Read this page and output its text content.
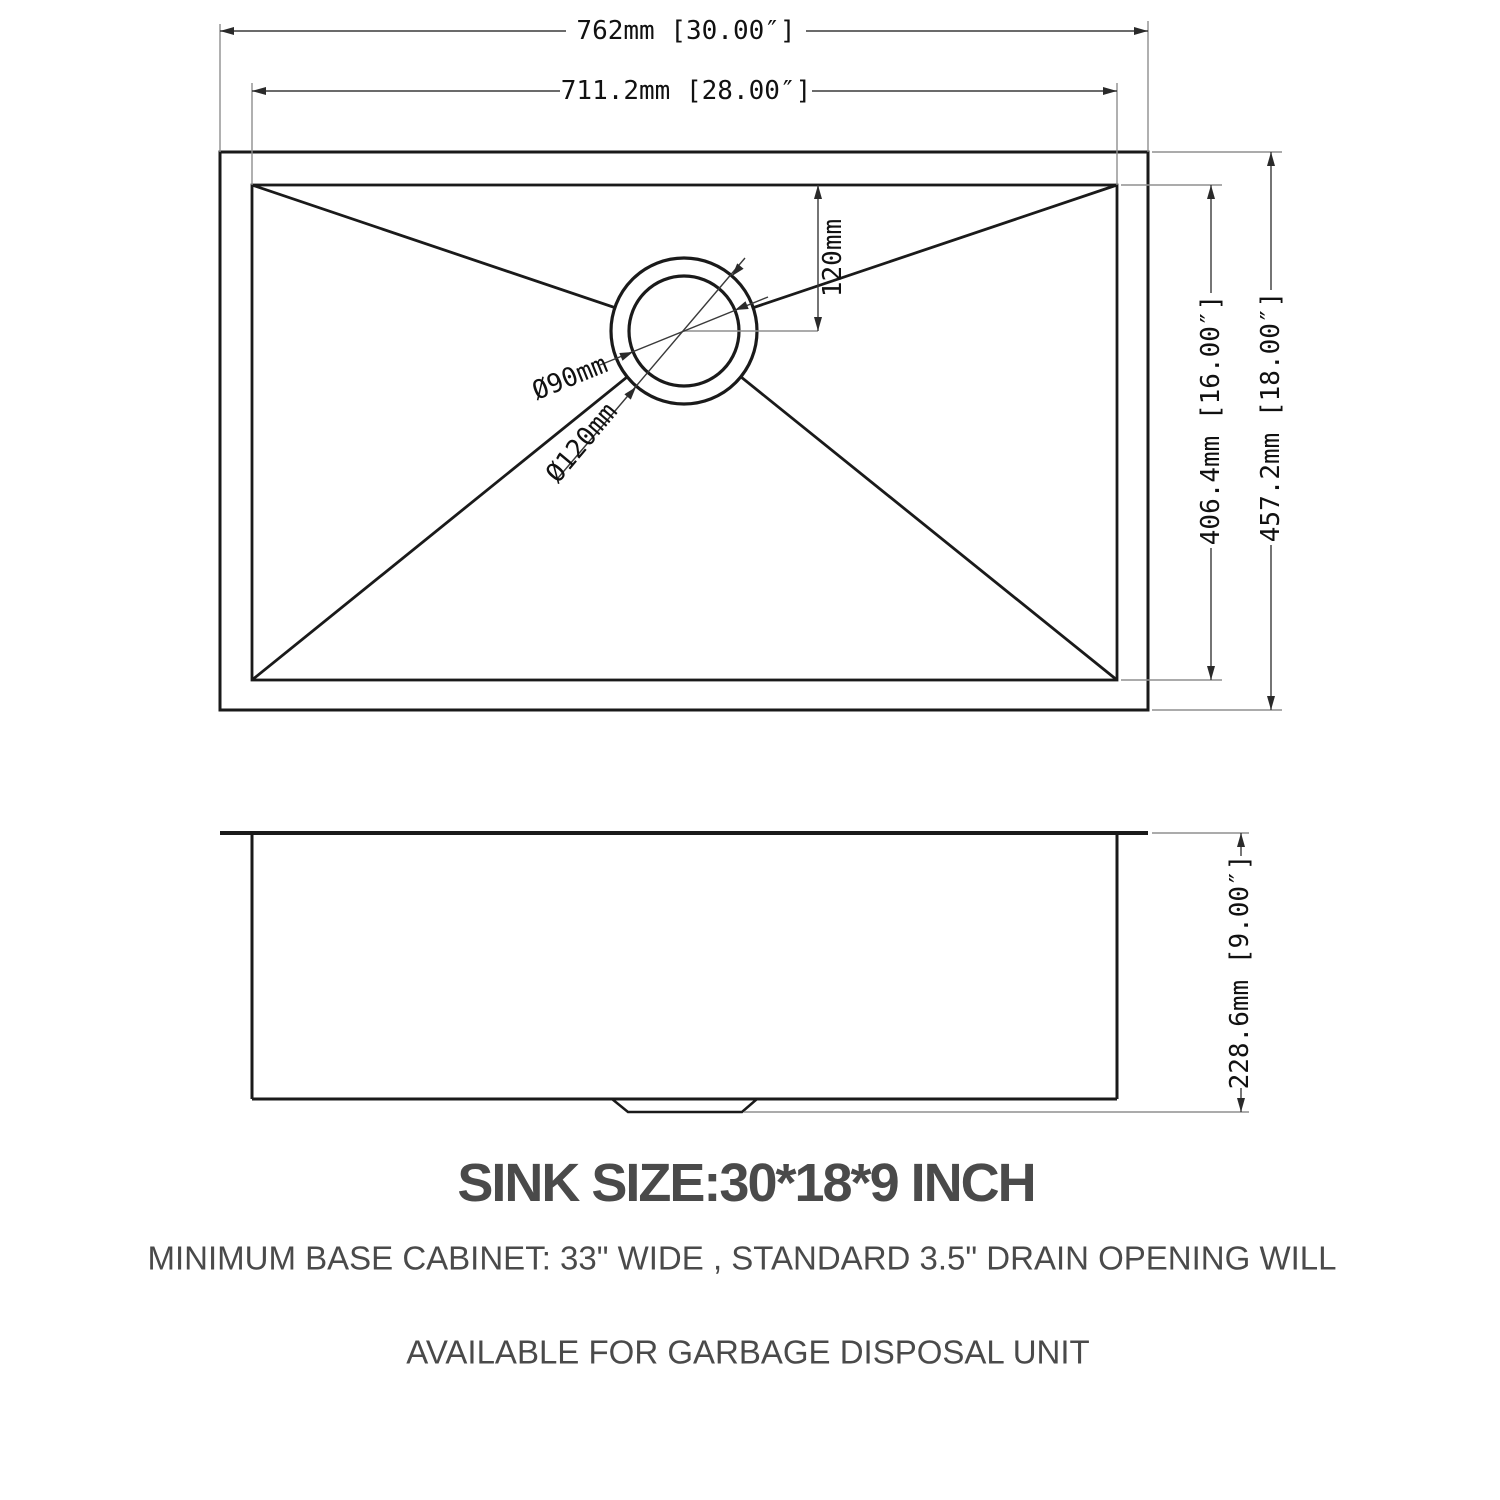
762mm [30.00″]
711.2mm [28.00″]
406.4mm [16.00″] 457.2mm [18.00″]
120mm
Ø90mm
Ø120mm
228.6mm [9.00″]
SINK SIZE:30*18*9 INCH
MINIMUM BASE CABINET: 33" WIDE , STANDARD 3.5" DRAIN OPENING WILL
AVAILABLE FOR GARBAGE DISPOSAL UNIT
